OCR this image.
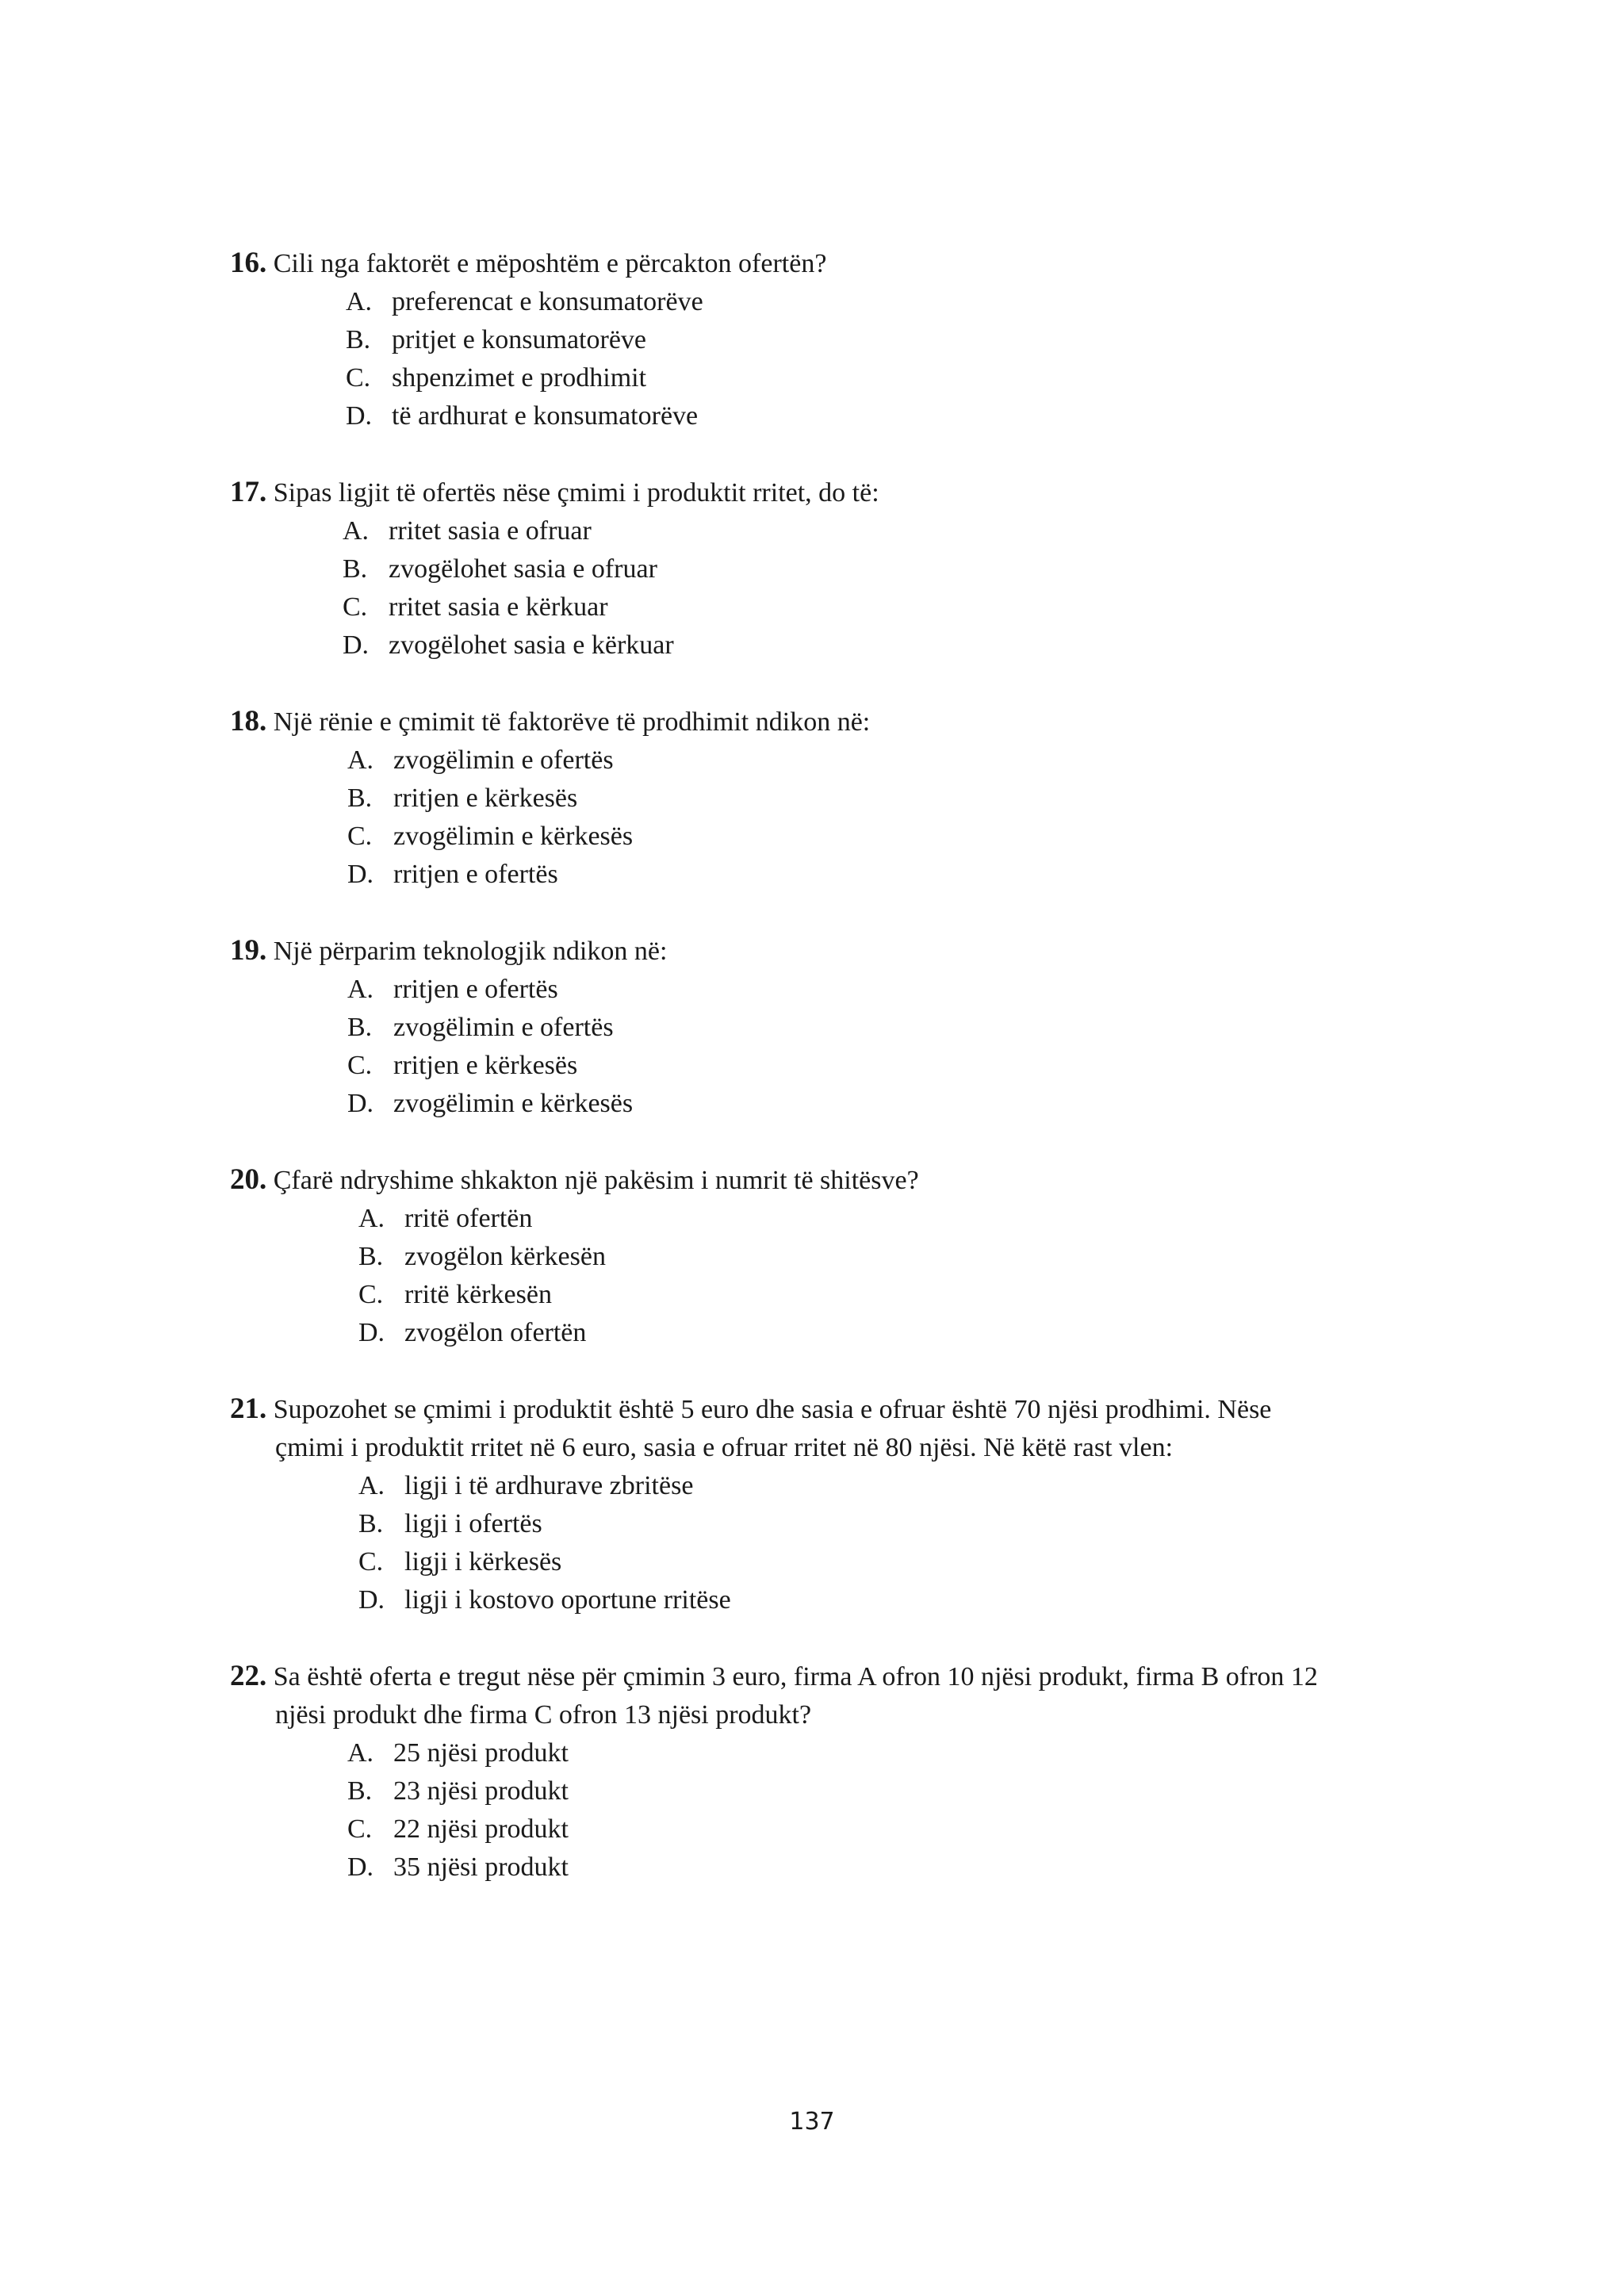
16. Cili nga faktorët e mëposhtëm e përcakton ofertën?
A. preferencat e konsumatorëve
B. pritjet e konsumatorëve
C. shpenzimet e prodhimit
D. të ardhurat e konsumatorëve
17. Sipas ligjit të ofertës nëse çmimi i produktit rritet, do të:
A. rritet sasia e ofruar
B. zvogëlohet sasia e ofruar
C. rritet sasia e kërkuar
D. zvogëlohet sasia e kërkuar
18. Një rënie e çmimit të faktorëve të prodhimit ndikon në:
A. zvogëlimin e ofertës
B. rritjen e kërkesës
C. zvogëlimin e kërkesës
D. rritjen e ofertës
19. Një përparim teknologjik ndikon në:
A. rritjen e ofertës
B. zvogëlimin e ofertës
C. rritjen e kërkesës
D. zvogëlimin e kërkesës
20. Çfarë ndryshime shkakton një pakësim i numrit të shitësve?
A. rritë ofertën
B. zvogëlon kërkesën
C. rritë kërkesën
D. zvogëlon ofertën
21. Supozohet se çmimi i produktit është 5 euro dhe sasia e ofruar është 70 njësi prodhimi. Nëse
çmimi i produktit rritet në 6 euro, sasia e ofruar rritet në 80 njësi. Në këtë rast vlen:
A. ligji i të ardhurave zbritëse
B. ligji i ofertës
C. ligji i kërkesës
D. ligji i kostovo oportune rritëse
22. Sa është oferta e tregut nëse për çmimin 3 euro, firma A ofron 10 njësi produkt, firma B ofron 12
njësi produkt dhe firma C ofron 13 njësi produkt?
A. 25 njësi produkt
B. 23 njësi produkt
C. 22 njësi produkt
D. 35 njësi produkt
137
